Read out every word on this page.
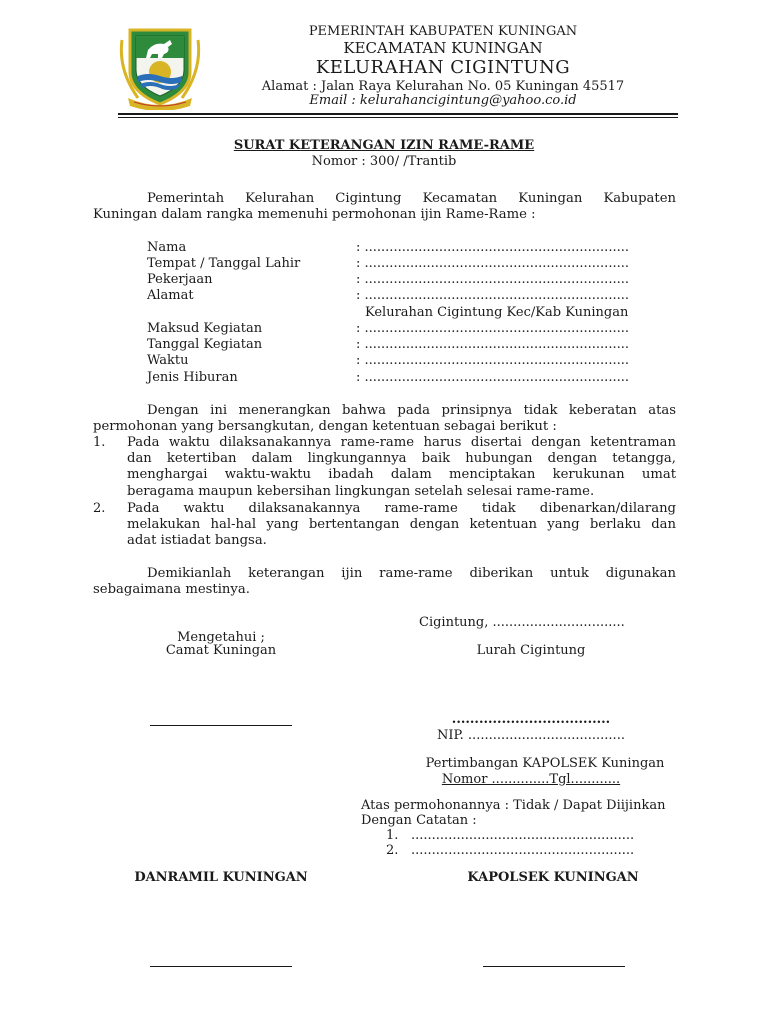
PEMERINTAH KABUPATEN KUNINGAN
KECAMATAN KUNINGAN
KELURAHAN CIGINTUNG
Alamat : Jalan Raya Kelurahan No. 05 Kuningan 45517
Email : kelurahancigintung@yahoo.co.id
SURAT KETERANGAN IZIN RAME-RAME
Nomor : 300/ /Trantib
Pemerintah Kelurahan Cigintung Kecamatan Kuningan Kabupaten
Kuningan dalam rangka memenuhi permohonan ijin Rame-Rame :
Nama	: ................................................................
Tempat / Tanggal Lahir	: ................................................................
Pekerjaan	: ................................................................
Alamat	: ................................................................
Kelurahan Cigintung Kec/Kab Kuningan
Maksud Kegiatan	: ................................................................
Tanggal Kegiatan	: ................................................................
Waktu	: ................................................................
Jenis Hiburan	: ................................................................
Dengan ini menerangkan bahwa pada prinsipnya tidak keberatan atas
permohonan yang bersangkutan, dengan ketentuan sebagai berikut :
1. Pada waktu dilaksanakannya rame-rame harus disertai dengan ketentraman
dan ketertiban dalam lingkungannya baik hubungan dengan tetangga,
menghargai waktu-waktu ibadah dalam menciptakan kerukunan umat
beragama maupun kebersihan lingkungan setelah selesai rame-rame.
2. Pada waktu dilaksanakannya rame-rame tidak dibenarkan/dilarang
melakukan hal-hal yang bertentangan dengan ketentuan yang berlaku dan
adat istiadat bangsa.
Demikianlah keterangan ijin rame-rame diberikan untuk digunakan
sebagaimana mestinya.
Cigintung, ................................
Mengetahui ;
Camat Kuningan	Lurah Cigintung
...................................
NIP. ......................................
Pertimbangan KAPOLSEK Kuningan
Nomor ..............Tgl............
Atas permohonannya : Tidak / Dapat Diijinkan
Dengan Catatan :
1. ......................................................
2. ......................................................
DANRAMIL KUNINGAN	KAPOLSEK KUNINGAN
